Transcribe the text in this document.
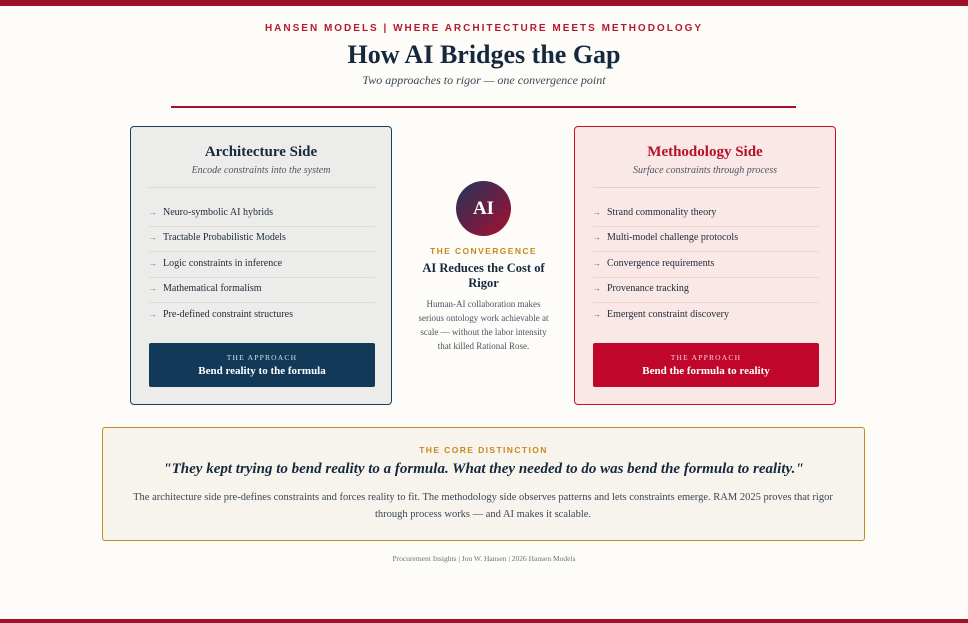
HANSEN MODELS | WHERE ARCHITECTURE MEETS METHODOLOGY
How AI Bridges the Gap
Two approaches to rigor — one convergence point
Architecture Side
Encode constraints into the system
→ Neuro-symbolic AI hybrids
→ Tractable Probabilistic Models
→ Logic constraints in inference
→ Mathematical formalism
→ Pre-defined constraint structures
THE APPROACH
Bend reality to the formula
AI
THE CONVERGENCE
AI Reduces the Cost of Rigor
Human-AI collaboration makes serious ontology work achievable at scale — without the labor intensity that killed Rational Rose.
Methodology Side
Surface constraints through process
→ Strand commonality theory
→ Multi-model challenge protocols
→ Convergence requirements
→ Provenance tracking
→ Emergent constraint discovery
THE APPROACH
Bend the formula to reality
THE CORE DISTINCTION
"They kept trying to bend reality to a formula. What they needed to do was bend the formula to reality."
The architecture side pre-defines constraints and forces reality to fit. The methodology side observes patterns and lets constraints emerge. RAM 2025 proves that rigor through process works — and AI makes it scalable.
Procurement Insights | Jon W. Hansen | 2026 Hansen Models
